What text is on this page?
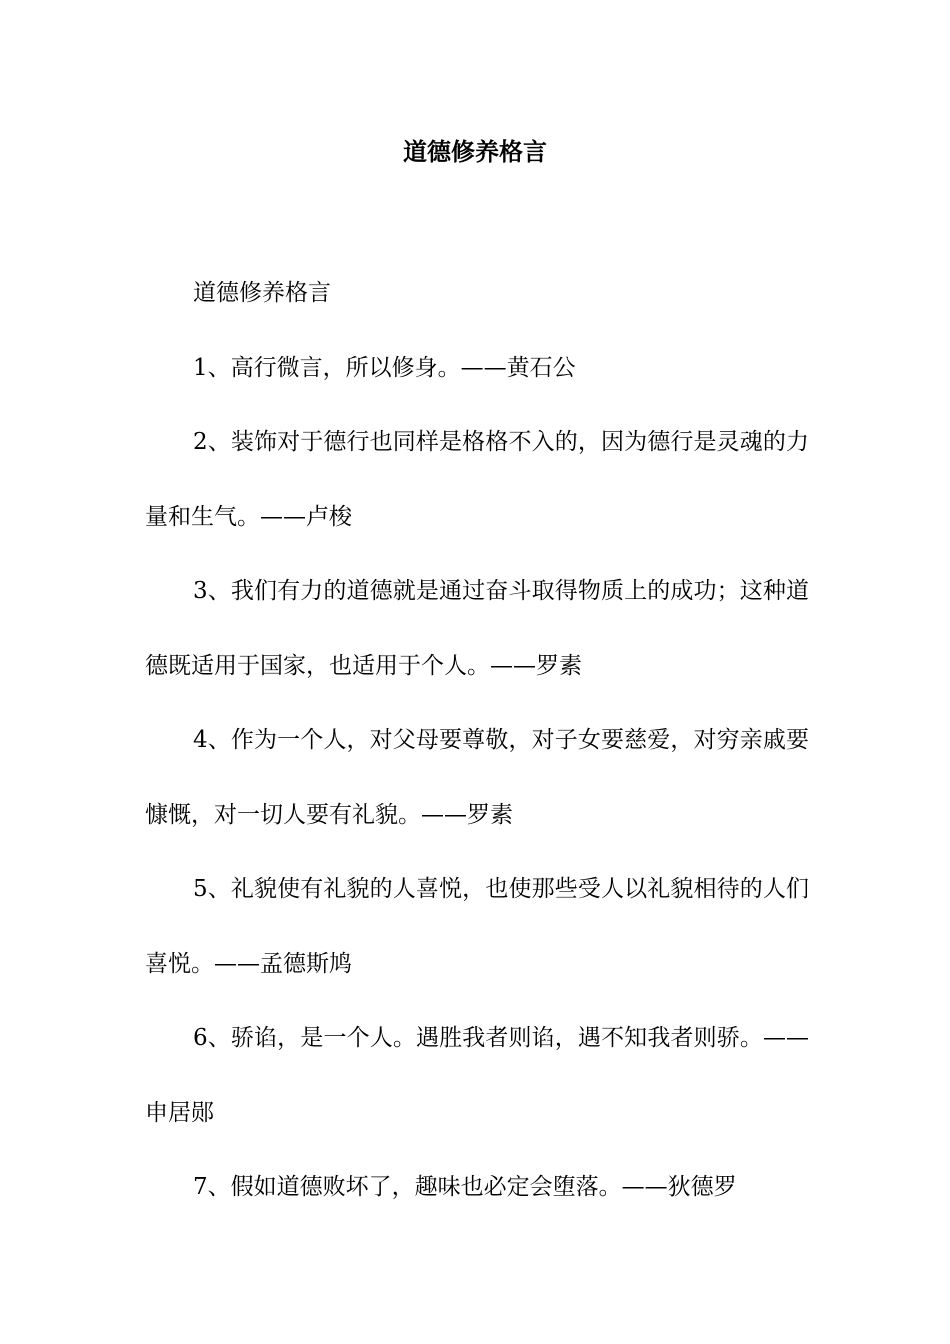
道德修养格言

道德修养格言

1、高行微言，所以修身。——黄石公

2、装饰对于德行也同样是格格不入的，因为德行是灵魂的力量和生气。——卢梭

3、我们有力的道德就是通过奋斗取得物质上的成功；这种道德既适用于国家，也适用于个人。——罗素

4、作为一个人，对父母要尊敬，对子女要慈爱，对穷亲戚要慷慨，对一切人要有礼貌。——罗素

5、礼貌使有礼貌的人喜悦，也使那些受人以礼貌相待的人们喜悦。——孟德斯鸠

6、骄谄，是一个人。遇胜我者则谄，遇不知我者则骄。——申居郧

7、假如道德败坏了，趣味也必定会堕落。——狄德罗
